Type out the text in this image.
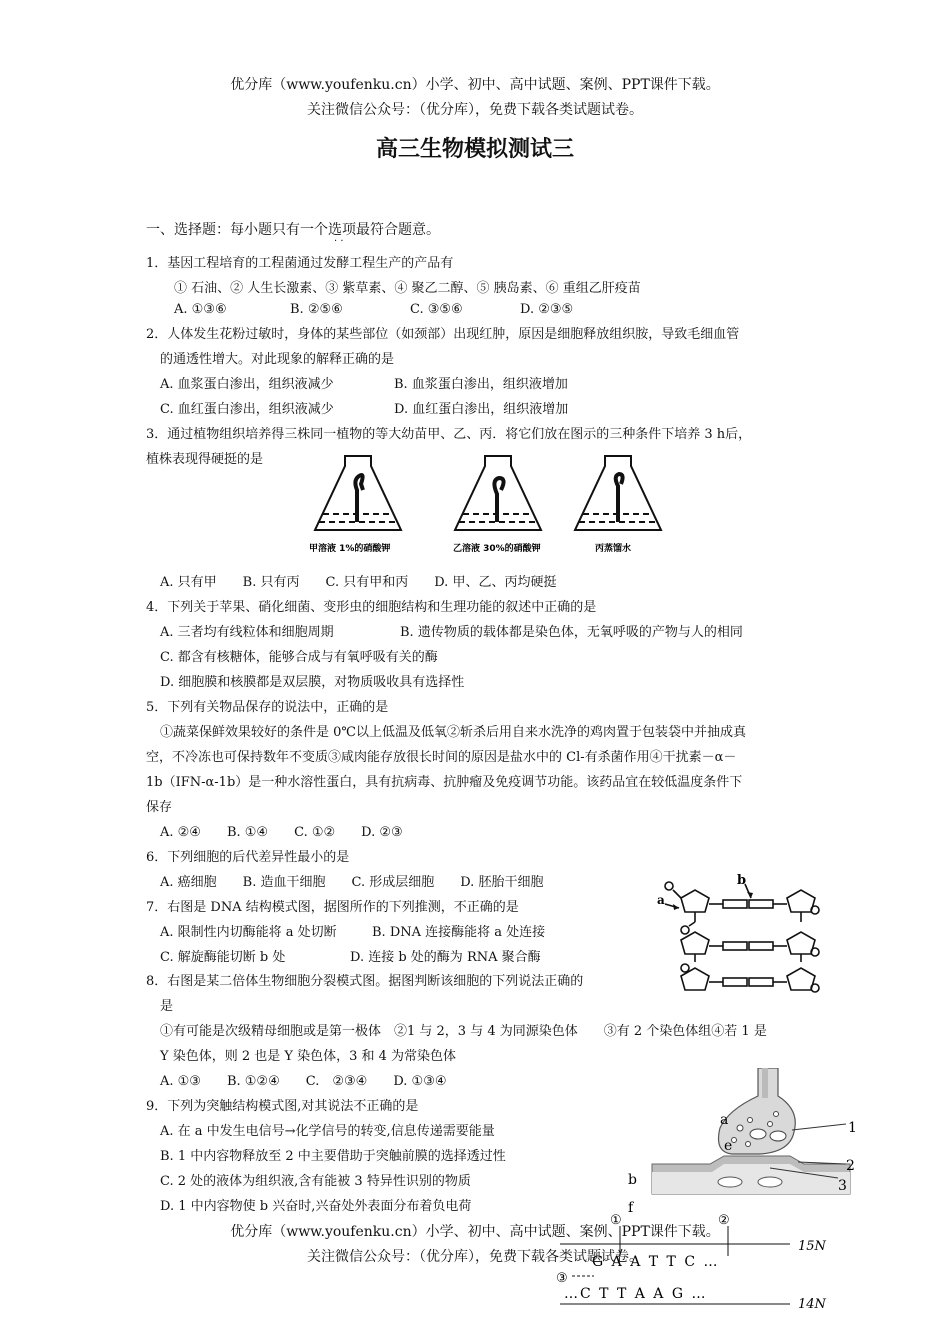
优分库（www.youfenku.cn）小学、初中、高中试题、案例、PPT课件下载。
关注微信公众号：（优分库），免费下载各类试题试卷。
高三生物模拟测试三
一、选择题：每小题只有一个选项最符合题意。
· ·
1．基因工程培育的工程菌通过发酵工程生产的产品有
① 石油、② 人生长激素、③ 紫草素、④ 聚乙二醇、⑤ 胰岛素、⑥ 重组乙肝疫苗
A. ①③⑥	B. ②⑤⑥	C. ③⑤⑥	D. ②③⑤
2．人体发生花粉过敏时，身体的某些部位（如颈部）出现红肿，原因是细胞释放组织胺，导致毛细血管
的通透性增大。对此现象的解释正确的是
A. 血浆蛋白渗出，组织液减少	B. 血浆蛋白渗出，组织液增加
C. 血红蛋白渗出，组织液减少	D. 血红蛋白渗出，组织液增加
3．通过植物组织培养得三株同一植物的等大幼苗甲、乙、丙．将它们放在图示的三种条件下培养 3 h后，
植株表现得硬挺的是
甲溶液 1%的硝酸钾	乙溶液 30%的硝酸钾	丙蒸馏水
A. 只有甲　　B. 只有丙　　C. 只有甲和丙　　D. 甲、乙、丙均硬挺
4．下列关于苹果、硝化细菌、变形虫的细胞结构和生理功能的叙述中正确的是
A. 三者均有线粒体和细胞周期	B. 遗传物质的载体都是染色体，无氧呼吸的产物与人的相同
C. 都含有核糖体，能够合成与有氧呼吸有关的酶
D. 细胞膜和核膜都是双层膜，对物质吸收具有选择性
5．下列有关物品保存的说法中，正确的是
①蔬菜保鲜效果较好的条件是 0℃以上低温及低氧②斩杀后用自来水洗净的鸡肉置于包装袋中并抽成真
空，不冷冻也可保持数年不变质③咸肉能存放很长时间的原因是盐水中的 Cl-有杀菌作用④干扰素－α－
1b（IFN-α-1b）是一种水溶性蛋白，具有抗病毒、抗肿瘤及免疫调节功能。该药品宜在较低温度条件下
保存
A. ②④　　B. ①④　　C. ①②　　D. ②③
6．下列细胞的后代差异性最小的是
A. 癌细胞　　B. 造血干细胞　　C. 形成层细胞　　D. 胚胎干细胞
a
b
7．右图是 DNA 结构模式图，据图所作的下列推测，不正确的是
A. 限制性内切酶能将 a 处切断	B. DNA 连接酶能将 a 处连接
C. 解旋酶能切断 b 处	D. 连接 b 处的酶为 RNA 聚合酶
8．右图是某二倍体生物细胞分裂模式图。据图判断该细胞的下列说法正确的
是
①有可能是次级精母细胞或是第一极体　②1 与 2，3 与 4 为同源染色体　　③有 2 个染色体组④若 1 是
Y 染色体，则 2 也是 Y 染色体，3 和 4 为常染色体
A. ①③　　B. ①②④　　C.　②③④　　D. ①③④
a
e
1
2
3
b
9．下列为突触结构模式图,对其说法不正确的是
A. 在 a 中发生电信号→化学信号的转变,信息传递需要能量
B. 1 中内容物释放至 2 中主要借助于突触前膜的选择透过性
C. 2 处的液体为组织液,含有能被 3 特异性识别的物质
D. 1 中内容物使 b 兴奋时,兴奋处外表面分布着负电荷	f
①	②
G A A T T C …
③
…C T T A A G …
15N
14N
优分库（www.youfenku.cn）小学、初中、高中试题、案例、PPT课件下载。
关注微信公众号：（优分库），免费下载各类试题试卷。
